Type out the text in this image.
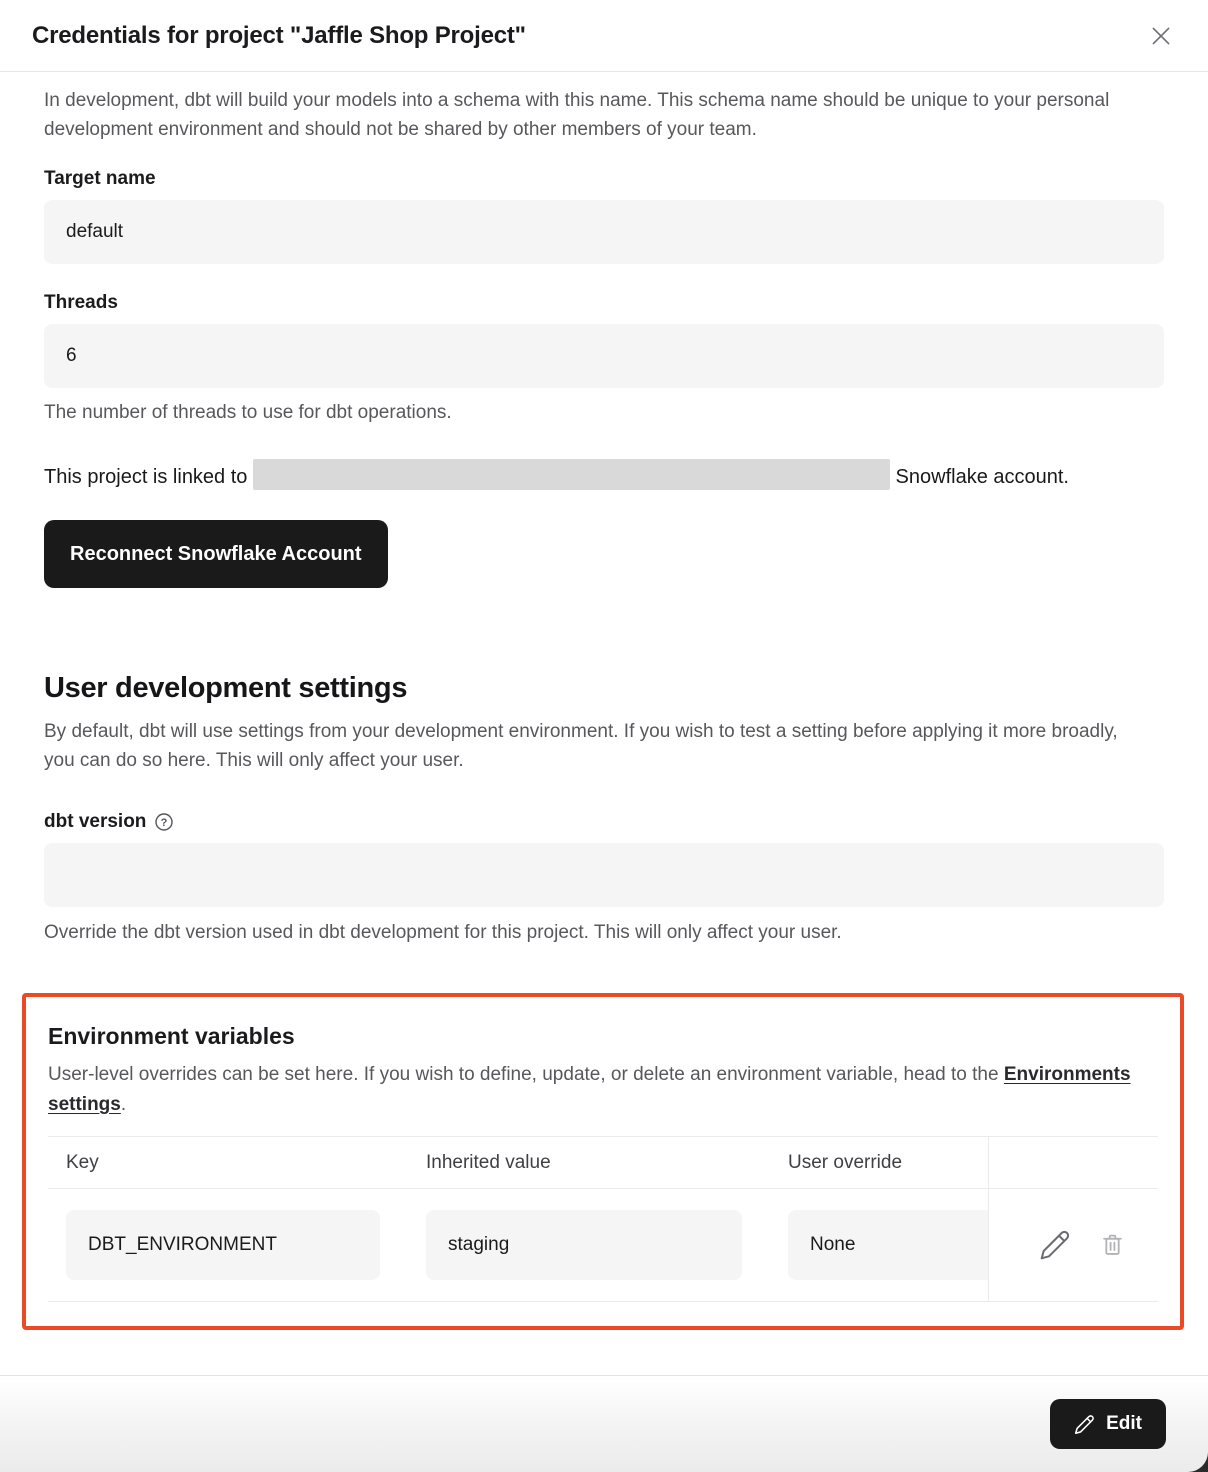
Credentials for project "Jaffle Shop Project"

In development, dbt will build your models into a schema with this name. This schema name should be unique to your personal development environment and should not be shared by other members of your team.

Target name
default
Threads
6
The number of threads to use for dbt operations.

This project is linked to	Snowflake account.

Reconnect Snowflake Account
User development settings

By default, dbt will use settings from your development environment. If you wish to test a setting before applying it more broadly, you can do so here. This will only affect your user.

dbt version ?
Override the dbt version used in dbt development for this project. This will only affect your user.
Environment variables

User-level overrides can be set here. If you wish to define, update, or delete an environment variable, head to the Environments settings.

Key	Inherited value	User override
DBT_ENVIRONMENT	staging	None
Edit
